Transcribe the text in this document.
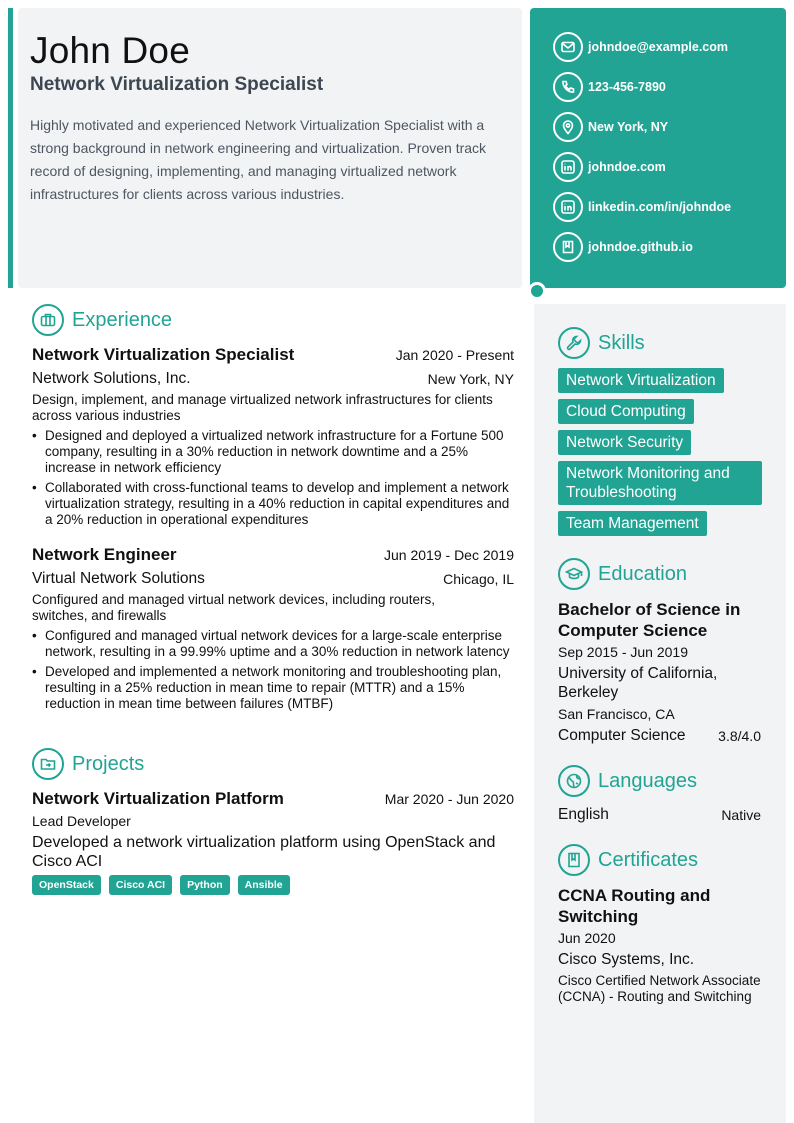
John Doe
Network Virtualization Specialist
Highly motivated and experienced Network Virtualization Specialist with a strong background in network engineering and virtualization. Proven track record of designing, implementing, and managing virtualized network infrastructures for clients across various industries.
johndoe@example.com
123-456-7890
New York, NY
johndoe.com
linkedin.com/in/johndoe
johndoe.github.io
Experience
Network Virtualization Specialist	Jan 2020 - Present
Network Solutions, Inc.	New York, NY
Design, implement, and manage virtualized network infrastructures for clients across various industries
• Designed and deployed a virtualized network infrastructure for a Fortune 500 company, resulting in a 30% reduction in network downtime and a 25% increase in network efficiency
• Collaborated with cross-functional teams to develop and implement a network virtualization strategy, resulting in a 40% reduction in capital expenditures and a 20% reduction in operational expenditures
Network Engineer	Jun 2019 - Dec 2019
Virtual Network Solutions	Chicago, IL
Configured and managed virtual network devices, including routers, switches, and firewalls
• Configured and managed virtual network devices for a large-scale enterprise network, resulting in a 99.99% uptime and a 30% reduction in network latency
• Developed and implemented a network monitoring and troubleshooting plan, resulting in a 25% reduction in mean time to repair (MTTR) and a 15% reduction in mean time between failures (MTBF)
Projects
Network Virtualization Platform	Mar 2020 - Jun 2020
Lead Developer
Developed a network virtualization platform using OpenStack and Cisco ACI
OpenStack Cisco ACI Python Ansible
Skills
Network Virtualization
Cloud Computing
Network Security
Network Monitoring and Troubleshooting
Team Management
Education
Bachelor of Science in Computer Science
Sep 2015 - Jun 2019
University of California, Berkeley
San Francisco, CA
Computer Science 3.8/4.0
Languages
English	Native
Certificates
CCNA Routing and Switching
Jun 2020
Cisco Systems, Inc.
Cisco Certified Network Associate (CCNA) - Routing and Switching
